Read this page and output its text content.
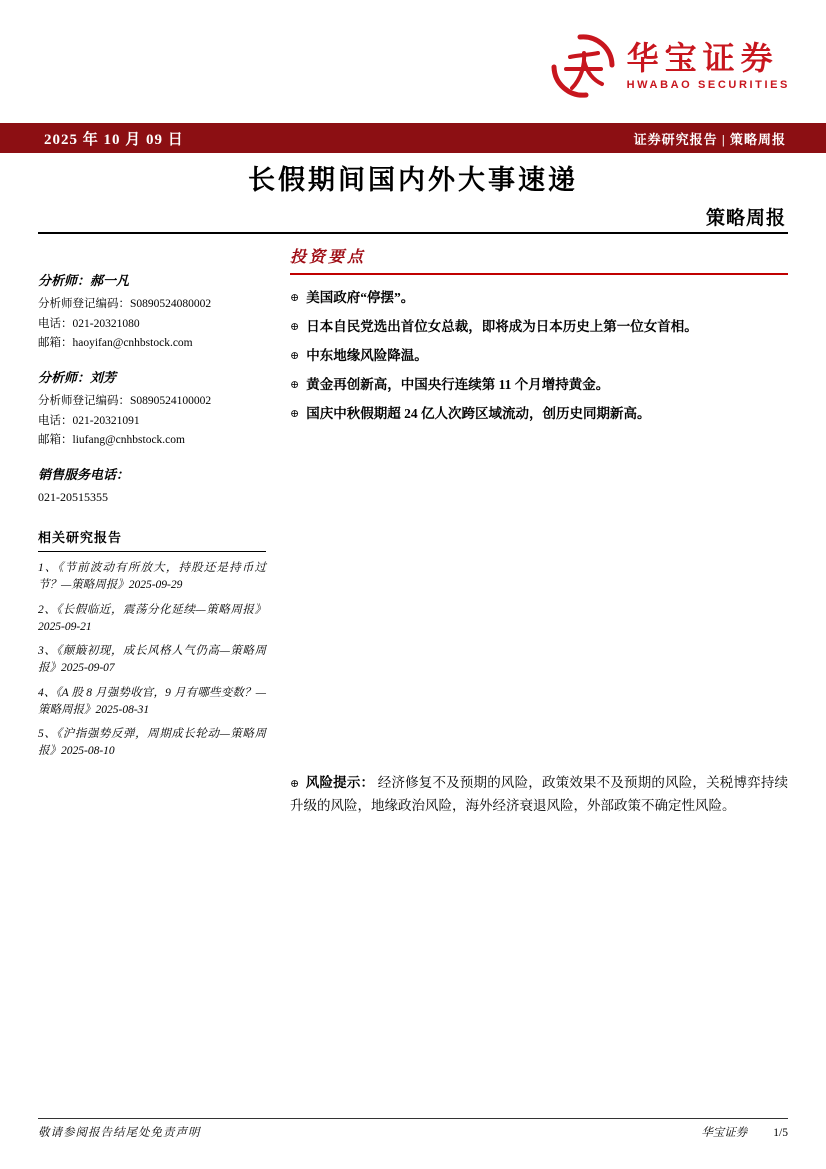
华宝证券
HWABAO SECURITIES
2025 年 10 月 09 日	证券研究报告 | 策略周报
长假期间国内外大事速递
策略周报
分析师：郝一凡
分析师登记编码：S0890524080002
电话：021-20321080
邮箱：haoyifan@cnhbstock.com
分析师：刘芳
分析师登记编码：S0890524100002
电话：021-20321091
邮箱：liufang@cnhbstock.com
销售服务电话：
021-20515355
相关研究报告
1、《节前波动有所放大，持股还是持币过节？—策略周报》2025-09-29
2、《长假临近，震荡分化延续—策略周报》2025-09-21
3、《颠簸初现，成长风格人气仍高—策略周报》2025-09-07
4、《A 股 8 月强势收官，9 月有哪些变数？—策略周报》2025-08-31
5、《沪指强势反弹，周期成长轮动—策略周报》2025-08-10
投资要点
⊕ 美国政府“停摆”。
⊕ 日本自民党选出首位女总裁，即将成为日本历史上第一位女首相。
⊕ 中东地缘风险降温。
⊕ 黄金再创新高，中国央行连续第 11 个月增持黄金。
⊕ 国庆中秋假期超 24 亿人次跨区域流动，创历史同期新高。

⊕ 风险提示： 经济修复不及预期的风险，政策效果不及预期的风险，关税博弈持续升级的风险，地缘政治风险，海外经济衰退风险，外部政策不确定性风险。

敬请参阅报告结尾处免责声明	华宝证券 1/5
